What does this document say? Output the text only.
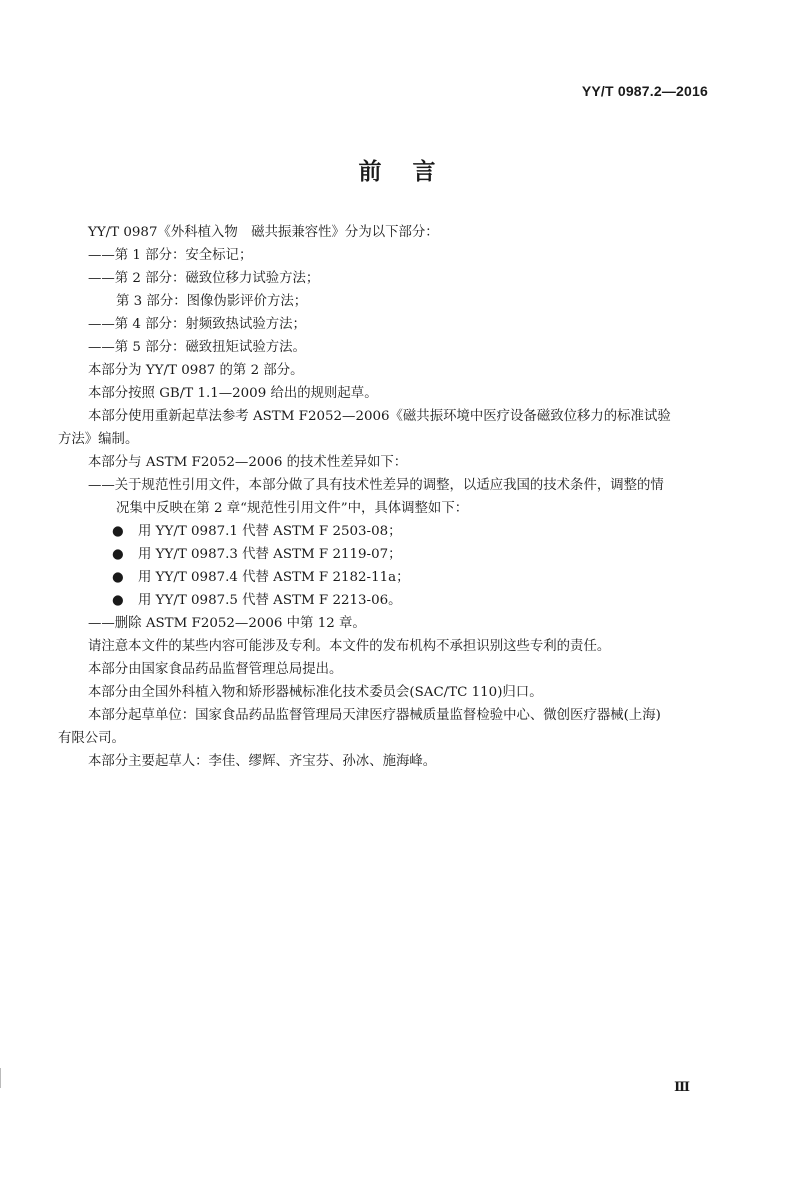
YY/T 0987.2—2016
前言
YY/T 0987《外科植入物　磁共振兼容性》分为以下部分：
——第 1 部分：安全标记；
——第 2 部分：磁致位移力试验方法；
第 3 部分：图像伪影评价方法；
——第 4 部分：射频致热试验方法；
——第 5 部分：磁致扭矩试验方法。
本部分为 YY/T 0987 的第 2 部分。
本部分按照 GB/T 1.1—2009 给出的规则起草。
本部分使用重新起草法参考 ASTM F2052—2006《磁共振环境中医疗设备磁致位移力的标准试验
方法》编制。
本部分与 ASTM F2052—2006 的技术性差异如下：
——关于规范性引用文件，本部分做了具有技术性差异的调整，以适应我国的技术条件，调整的情
况集中反映在第 2 章“规范性引用文件”中，具体调整如下：
● 用 YY/T 0987.1 代替 ASTM F 2503-08；
● 用 YY/T 0987.3 代替 ASTM F 2119-07；
● 用 YY/T 0987.4 代替 ASTM F 2182-11a；
● 用 YY/T 0987.5 代替 ASTM F 2213-06。
——删除 ASTM F2052—2006 中第 12 章。
请注意本文件的某些内容可能涉及专利。本文件的发布机构不承担识别这些专利的责任。
本部分由国家食品药品监督管理总局提出。
本部分由全国外科植入物和矫形器械标准化技术委员会(SAC/TC 110)归口。
本部分起草单位：国家食品药品监督管理局天津医疗器械质量监督检验中心、微创医疗器械(上海)
有限公司。
本部分主要起草人：李佳、缪辉、齐宝芬、孙冰、施海峰。
Ⅲ
